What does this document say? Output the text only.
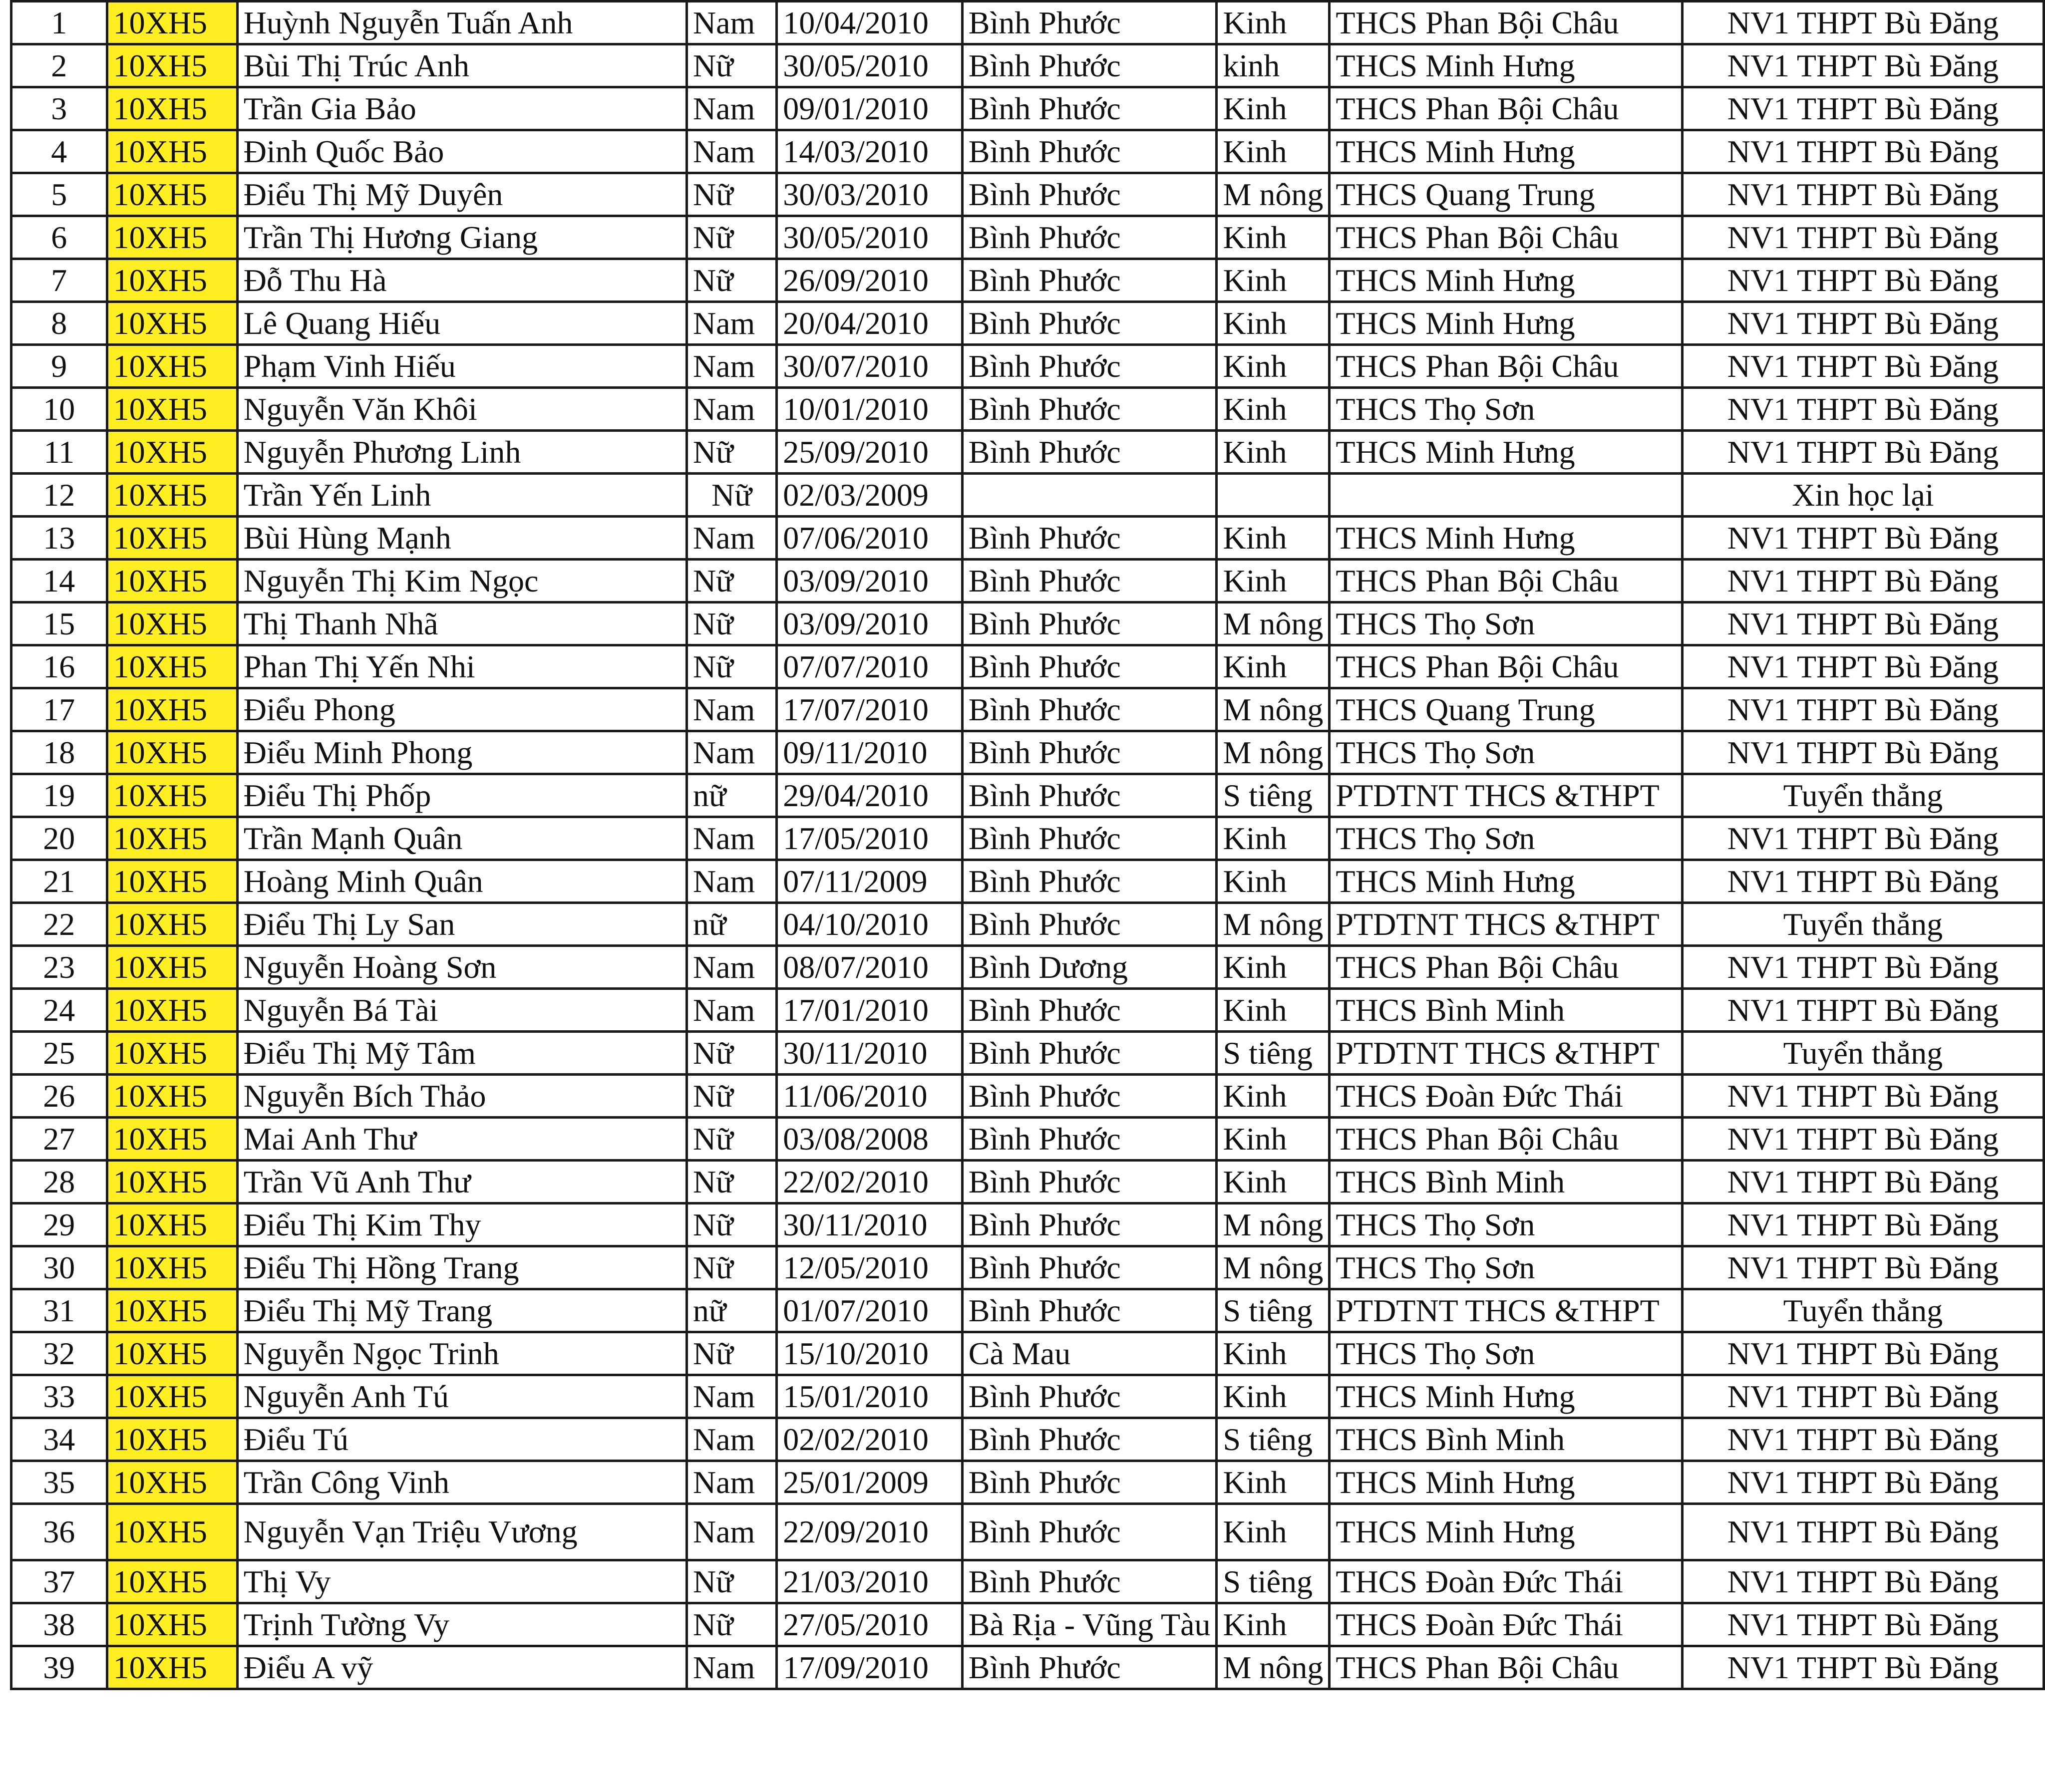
1	10XH5	Huỳnh Nguyễn Tuấn Anh	Nam	10/04/2010	Bình Phước	Kinh	THCS Phan Bội Châu	NV1 THPT Bù Đăng
2	10XH5	Bùi Thị Trúc Anh	Nữ	30/05/2010	Bình Phước	kinh	THCS Minh Hưng	NV1 THPT Bù Đăng
3	10XH5	Trần Gia Bảo	Nam	09/01/2010	Bình Phước	Kinh	THCS Phan Bội Châu	NV1 THPT Bù Đăng
4	10XH5	Đinh Quốc Bảo	Nam	14/03/2010	Bình Phước	Kinh	THCS Minh Hưng	NV1 THPT Bù Đăng
5	10XH5	Điểu Thị Mỹ Duyên	Nữ	30/03/2010	Bình Phước	M nông	THCS Quang Trung	NV1 THPT Bù Đăng
6	10XH5	Trần Thị Hương Giang	Nữ	30/05/2010	Bình Phước	Kinh	THCS Phan Bội Châu	NV1 THPT Bù Đăng
7	10XH5	Đỗ Thu Hà	Nữ	26/09/2010	Bình Phước	Kinh	THCS Minh Hưng	NV1 THPT Bù Đăng
8	10XH5	Lê Quang Hiếu	Nam	20/04/2010	Bình Phước	Kinh	THCS Minh Hưng	NV1 THPT Bù Đăng
9	10XH5	Phạm Vinh Hiếu	Nam	30/07/2010	Bình Phước	Kinh	THCS Phan Bội Châu	NV1 THPT Bù Đăng
10	10XH5	Nguyễn Văn Khôi	Nam	10/01/2010	Bình Phước	Kinh	THCS Thọ Sơn	NV1 THPT Bù Đăng
11	10XH5	Nguyễn Phương Linh	Nữ	25/09/2010	Bình Phước	Kinh	THCS Minh Hưng	NV1 THPT Bù Đăng
12	10XH5	Trần Yến Linh	Nữ	02/03/2009				Xin học lại
13	10XH5	Bùi Hùng Mạnh	Nam	07/06/2010	Bình Phước	Kinh	THCS Minh Hưng	NV1 THPT Bù Đăng
14	10XH5	Nguyễn Thị Kim Ngọc	Nữ	03/09/2010	Bình Phước	Kinh	THCS Phan Bội Châu	NV1 THPT Bù Đăng
15	10XH5	Thị Thanh Nhã	Nữ	03/09/2010	Bình Phước	M nông	THCS Thọ Sơn	NV1 THPT Bù Đăng
16	10XH5	Phan Thị Yến Nhi	Nữ	07/07/2010	Bình Phước	Kinh	THCS Phan Bội Châu	NV1 THPT Bù Đăng
17	10XH5	Điểu Phong	Nam	17/07/2010	Bình Phước	M nông	THCS Quang Trung	NV1 THPT Bù Đăng
18	10XH5	Điểu Minh Phong	Nam	09/11/2010	Bình Phước	M nông	THCS Thọ Sơn	NV1 THPT Bù Đăng
19	10XH5	Điểu Thị Phốp	nữ	29/04/2010	Bình Phước	S tiêng	PTDTNT THCS &THPT	Tuyển thẳng
20	10XH5	Trần Mạnh Quân	Nam	17/05/2010	Bình Phước	Kinh	THCS Thọ Sơn	NV1 THPT Bù Đăng
21	10XH5	Hoàng Minh Quân	Nam	07/11/2009	Bình Phước	Kinh	THCS Minh Hưng	NV1 THPT Bù Đăng
22	10XH5	Điểu Thị Ly San	nữ	04/10/2010	Bình Phước	M nông	PTDTNT THCS &THPT	Tuyển thẳng
23	10XH5	Nguyễn Hoàng Sơn	Nam	08/07/2010	Bình Dương	Kinh	THCS Phan Bội Châu	NV1 THPT Bù Đăng
24	10XH5	Nguyễn Bá Tài	Nam	17/01/2010	Bình Phước	Kinh	THCS Bình Minh	NV1 THPT Bù Đăng
25	10XH5	Điểu Thị Mỹ Tâm	Nữ	30/11/2010	Bình Phước	S tiêng	PTDTNT THCS &THPT	Tuyển thẳng
26	10XH5	Nguyễn Bích Thảo	Nữ	11/06/2010	Bình Phước	Kinh	THCS Đoàn Đức Thái	NV1 THPT Bù Đăng
27	10XH5	Mai Anh Thư	Nữ	03/08/2008	Bình Phước	Kinh	THCS Phan Bội Châu	NV1 THPT Bù Đăng
28	10XH5	Trần Vũ Anh Thư	Nữ	22/02/2010	Bình Phước	Kinh	THCS Bình Minh	NV1 THPT Bù Đăng
29	10XH5	Điểu Thị Kim Thy	Nữ	30/11/2010	Bình Phước	M nông	THCS Thọ Sơn	NV1 THPT Bù Đăng
30	10XH5	Điểu Thị Hồng Trang	Nữ	12/05/2010	Bình Phước	M nông	THCS Thọ Sơn	NV1 THPT Bù Đăng
31	10XH5	Điểu Thị Mỹ Trang	nữ	01/07/2010	Bình Phước	S tiêng	PTDTNT THCS &THPT	Tuyển thẳng
32	10XH5	Nguyễn Ngọc Trinh	Nữ	15/10/2010	Cà Mau	Kinh	THCS Thọ Sơn	NV1 THPT Bù Đăng
33	10XH5	Nguyễn Anh Tú	Nam	15/01/2010	Bình Phước	Kinh	THCS Minh Hưng	NV1 THPT Bù Đăng
34	10XH5	Điểu Tú	Nam	02/02/2010	Bình Phước	S tiêng	THCS Bình Minh	NV1 THPT Bù Đăng
35	10XH5	Trần Công Vinh	Nam	25/01/2009	Bình Phước	Kinh	THCS Minh Hưng	NV1 THPT Bù Đăng
36	10XH5	Nguyễn Vạn Triệu Vương	Nam	22/09/2010	Bình Phước	Kinh	THCS Minh Hưng	NV1 THPT Bù Đăng
37	10XH5	Thị Vy	Nữ	21/03/2010	Bình Phước	S tiêng	THCS Đoàn Đức Thái	NV1 THPT Bù Đăng
38	10XH5	Trịnh Tường Vy	Nữ	27/05/2010	Bà Rịa - Vũng Tàu	Kinh	THCS Đoàn Đức Thái	NV1 THPT Bù Đăng
39	10XH5	Điểu A vỹ	Nam	17/09/2010	Bình Phước	M nông	THCS Phan Bội Châu	NV1 THPT Bù Đăng
